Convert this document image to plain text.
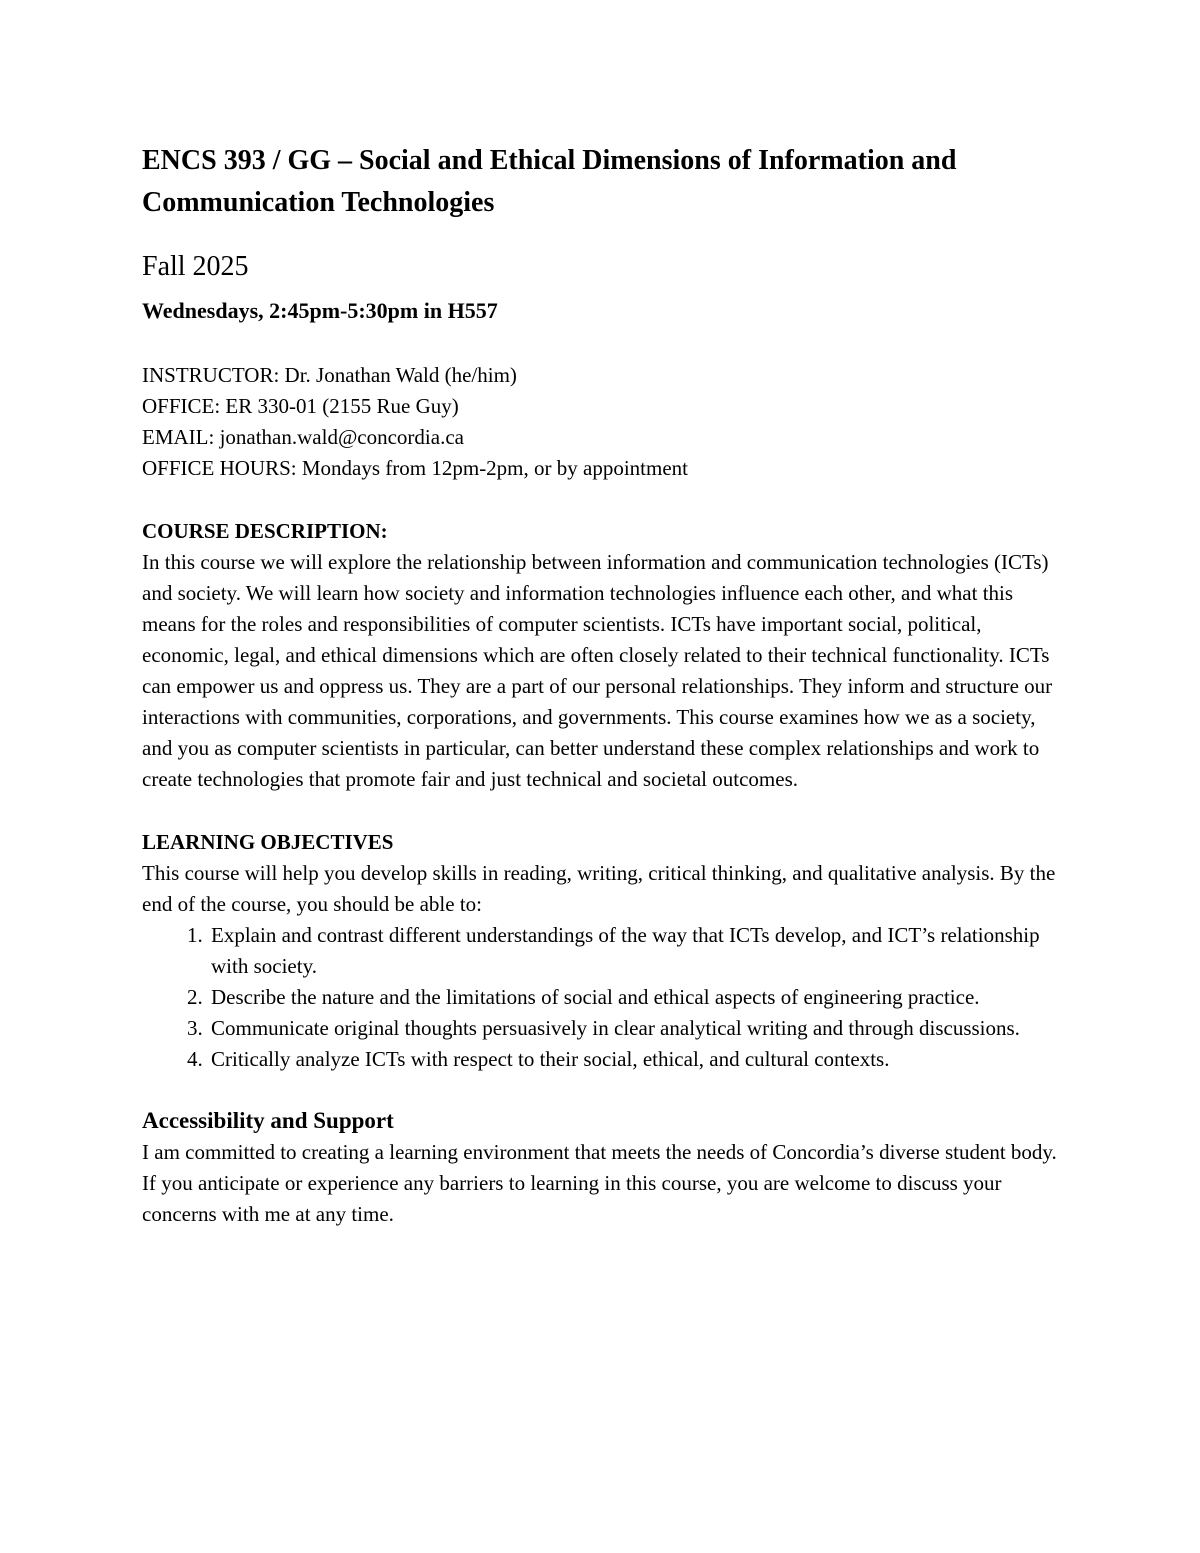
ENCS 393 / GG – Social and Ethical Dimensions of Information and Communication Technologies
Fall 2025
Wednesdays, 2:45pm-5:30pm in H557
INSTRUCTOR: Dr. Jonathan Wald (he/him)
OFFICE: ER 330-01 (2155 Rue Guy)
EMAIL: jonathan.wald@concordia.ca
OFFICE HOURS: Mondays from 12pm-2pm, or by appointment
COURSE DESCRIPTION:

In this course we will explore the relationship between information and communication technologies (ICTs) and society. We will learn how society and information technologies influence each other, and what this means for the roles and responsibilities of computer scientists. ICTs have important social, political, economic, legal, and ethical dimensions which are often closely related to their technical functionality. ICTs can empower us and oppress us. They are a part of our personal relationships. They inform and structure our interactions with communities, corporations, and governments. This course examines how we as a society, and you as computer scientists in particular, can better understand these complex relationships and work to create technologies that promote fair and just technical and societal outcomes.

LEARNING OBJECTIVES

This course will help you develop skills in reading, writing, critical thinking, and qualitative analysis. By the end of the course, you should be able to:

1. Explain and contrast different understandings of the way that ICTs develop, and ICT’s relationship with society.
2. Describe the nature and the limitations of social and ethical aspects of engineering practice.
3. Communicate original thoughts persuasively in clear analytical writing and through discussions.
4. Critically analyze ICTs with respect to their social, ethical, and cultural contexts.
Accessibility and Support

I am committed to creating a learning environment that meets the needs of Concordia’s diverse student body. If you anticipate or experience any barriers to learning in this course, you are welcome to discuss your concerns with me at any time.
